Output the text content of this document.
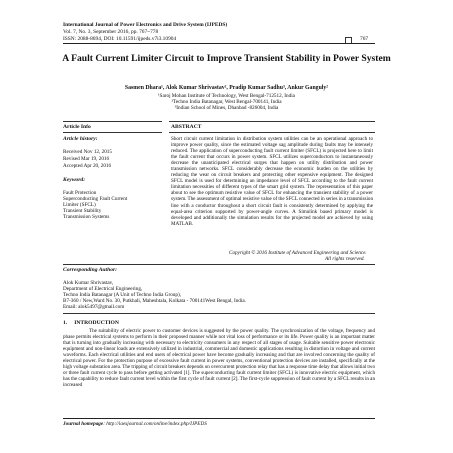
International Journal of Power Electronics and Drive System (IJPEDS)
Vol. 7, No. 3, September 2016, pp. 767~778
ISSN: 2088-8694, DOI: 10.11591/ijpeds.v7i3.10904	767
A Fault Current Limiter Circuit to Improve Transient Stability in Power System
Sasmen Dhara¹, Alok Kumar Shrivastav², Pradip Kumar Sadhu³, Ankur Ganguly²
¹Saroj Mohan Institute of Technology, West Bengal-712512, India
²Techno India Batanagar, West Bengal-700141, India
³Indian School of Mines, Dhanbad -826004, India
Article Info	ABSTRACT
Article history:
Received Nov 12, 2015
Revised Mar 19, 2016
Accepted Apr 20, 2016
Keyword:
Fault Protection
Superconducting Fault Current
Limiter (SFCL)
Transient Stability
Transmission Systems
Short circuit current limitation in distribution system utilities can be an operational approach to improve power quality, since the estimated voltage sag amplitude during faults may be intensely reduced. The application of superconducting fault current limiter (SFCL) is projected here to limit the fault current that occurs in power system. SFCL utilizes superconductors to instantaneously decrease the unanticipated electrical surges that happen on utility distribution and power transmission networks. SFCL considerably decrease the economic burden on the utilities by reducing the wear on circuit breakers and protecting other expensive equipment. The designed SFCL model is used for determining an impedance level of SFCL according to the fault current limitation necessities of different types of the smart grid system. The representation of this paper about to see the optimum resistive value of SFCL for enhancing the transient stability of a power system. The assessment of optimal resistive value of the SFCL connected in series in a transmission line with a conductor throughout a short circuit fault is consistently determined by applying the equal-area criterion supported by power-angle curves. A Simulink based primary model is developed and additionally the simulation results for the projected model are achieved by using MATLAB.
Copyright © 2016 Institute of Advanced Engineering and Science.
All rights reserved.
Corresponding Author:
Alok Kumar Shrivastav,
Department of Electrical Engineering,
Techno India Batanagar (A Unit of Techno India Group),
B7-360 / New,Ward No. 30, Putkhali, Maheshtala, Kolkata - 700141West Bengal, India.
Email: alok5497@gmail.com
1.     INTRODUCTION
The suitability of electric power to customer devices is suggested by the power quality. The synchronization of the voltage, frequency and phase permits electrical systems to perform in their proposed manner while not vital loss of performance or its life. Power quality is an important matter that is turning into gradually increasing with necessary to electricity consumers in any respect of all stages of usage. Suitable sensitive power electronic equipment and non-linear loads are extensively utilized in industrial, commercial and domestic applications resulting in distortion in voltage and current waveforms. Each electrical utilities and end users of electrical power have become gradually increasing and that are involved concerning the quality of electrical power. For the protection purpose of excessive fault current in power systems, conventional protection devices are installed, specifically at the high voltage substation area. The tripping of circuit breakers depends on overcurrent protection relay that has a response time delay that allows initial two or three fault current cycle to pass before getting activated [1]. The superconducting fault current limiter (SFCL) is innovative electric equipment, which has the capability to reduce fault current level within the first cycle of fault current [2]. The first-cycle suppression of fault current by a SFCL results in an increased
Journal homepage: http://iaesjournal.com/online/index.php/IJPEDS
